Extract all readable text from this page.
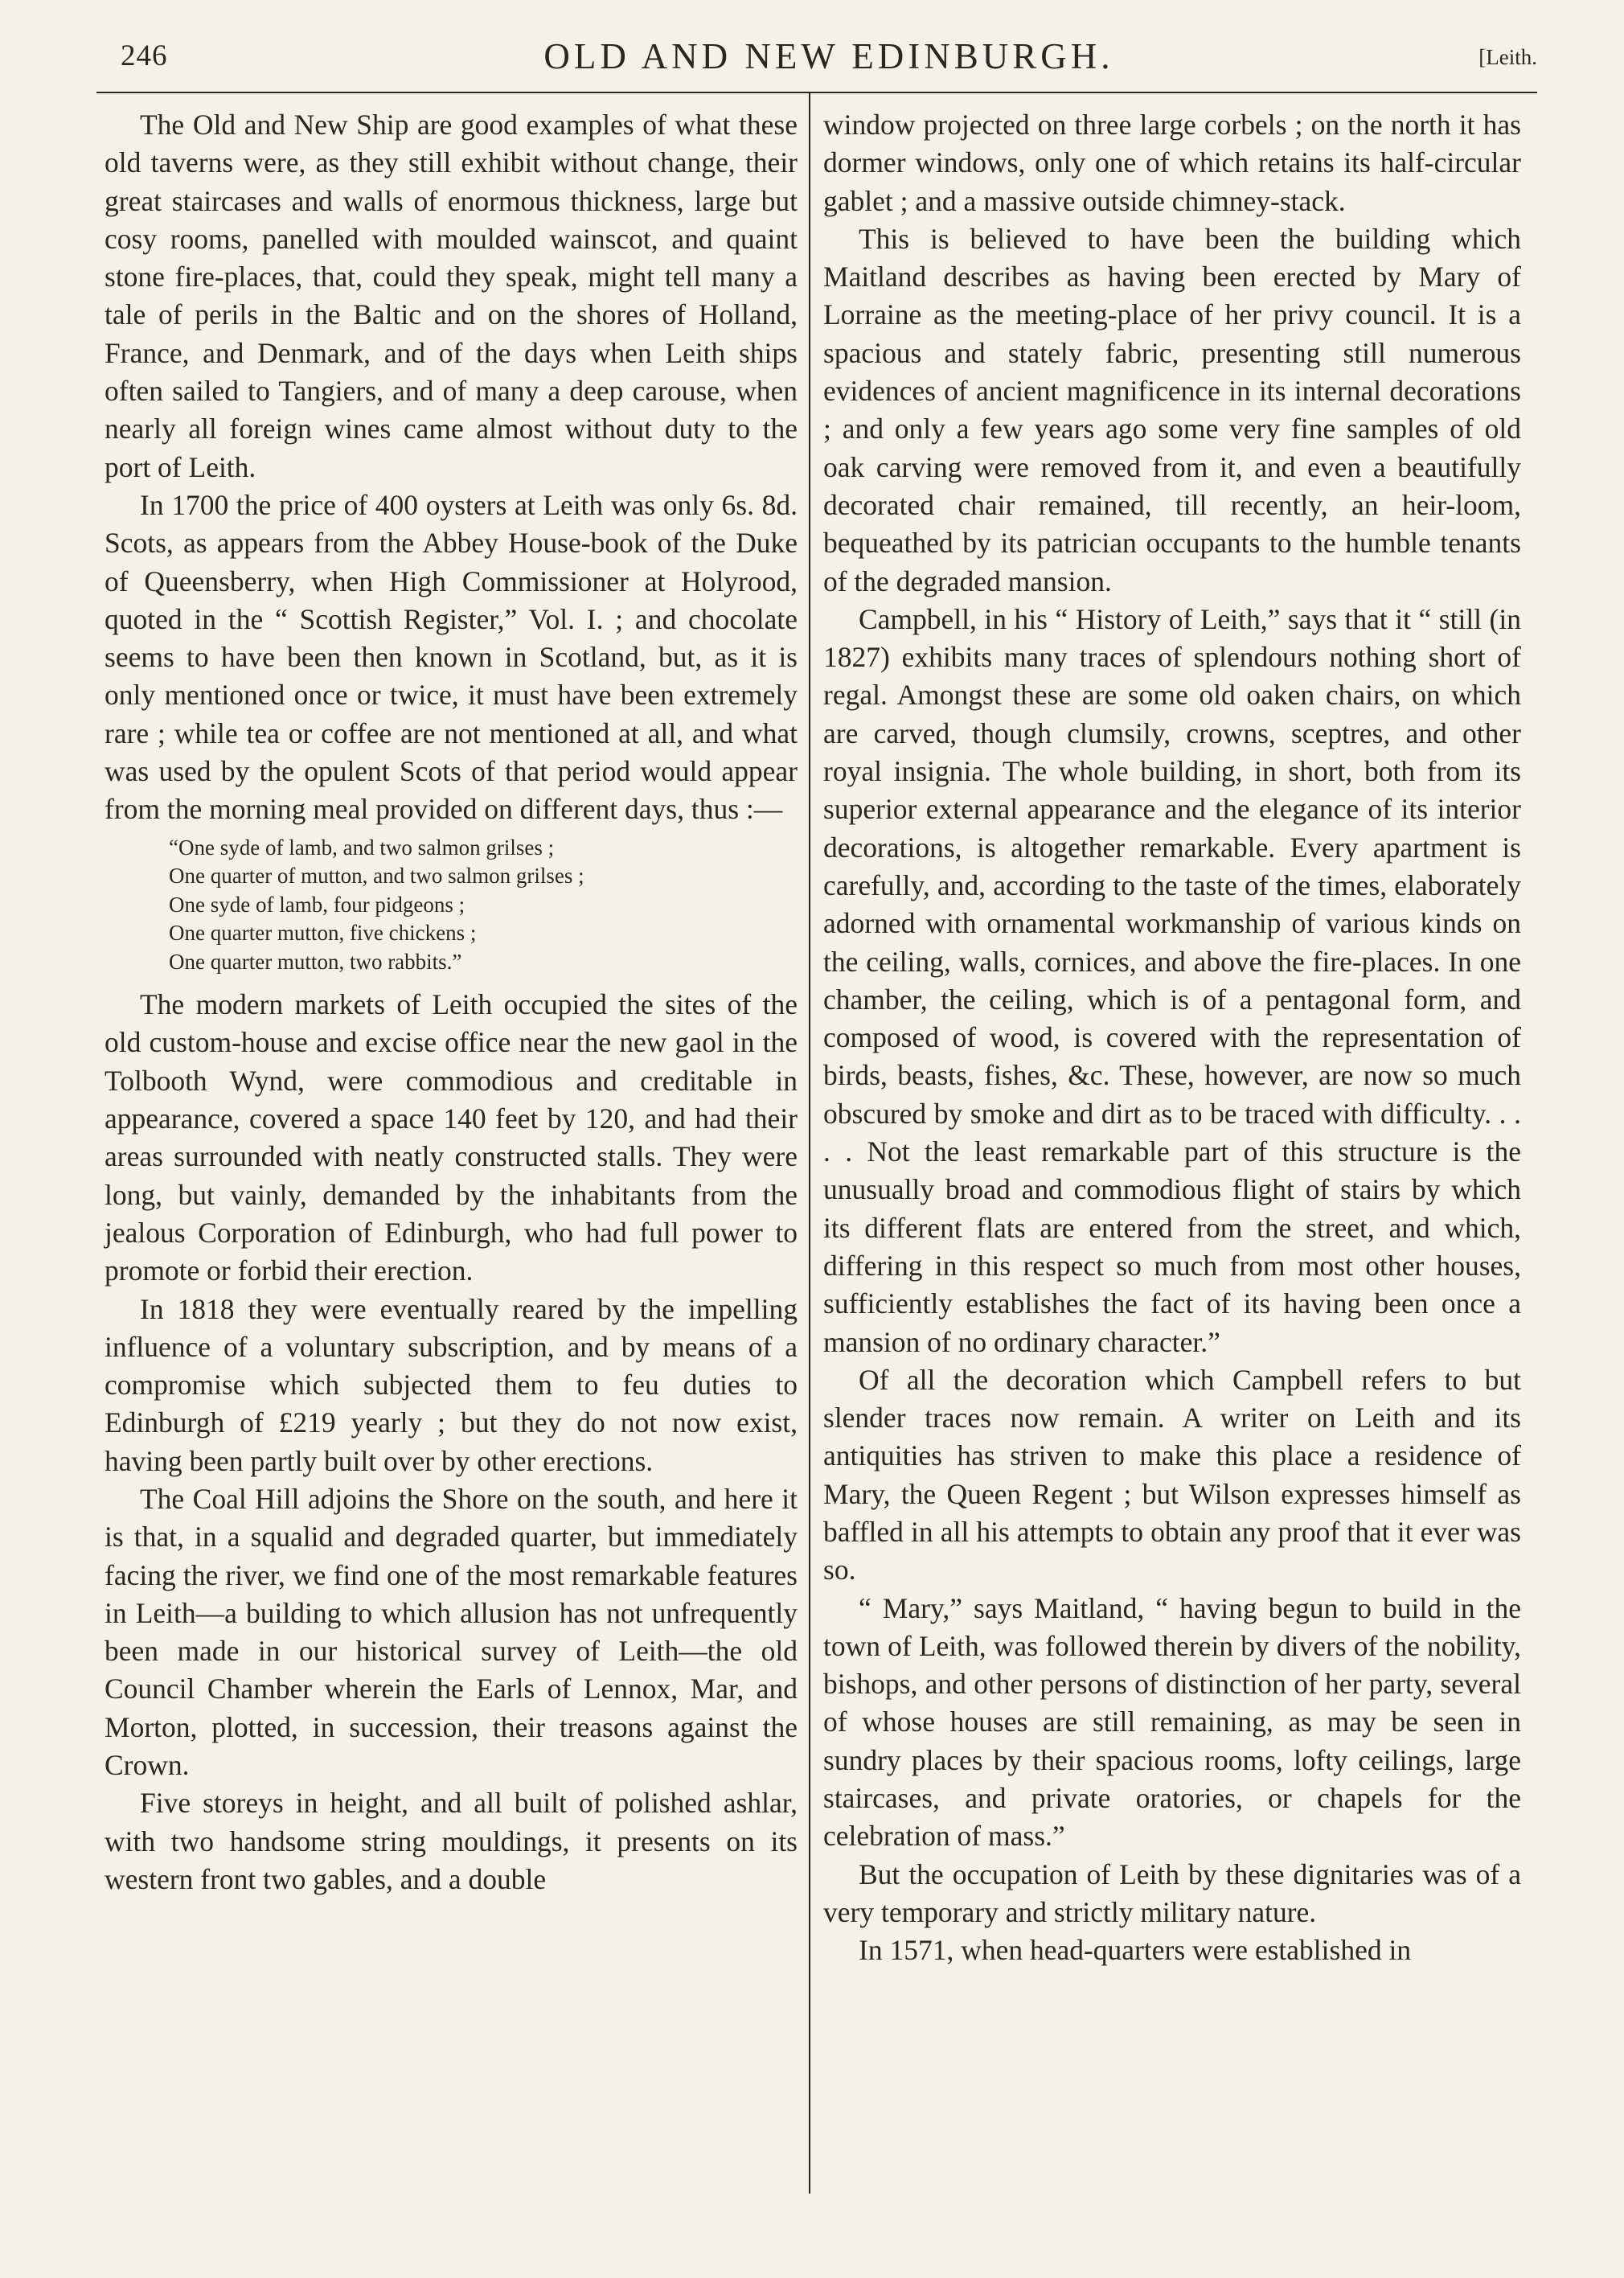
246	OLD AND NEW EDINBURGH.	[Leith.

The Old and New Ship are good examples of what these old taverns were, as they still exhibit without change, their great staircases and walls of enormous thickness, large but cosy rooms, panelled with moulded wainscot, and quaint stone fire-places, that, could they speak, might tell many a tale of perils in the Baltic and on the shores of Holland, France, and Denmark, and of the days when Leith ships often sailed to Tangiers, and of many a deep carouse, when nearly all foreign wines came almost without duty to the port of Leith.

In 1700 the price of 400 oysters at Leith was only 6s. 8d. Scots, as appears from the Abbey House-book of the Duke of Queensberry, when High Commissioner at Holyrood, quoted in the “ Scottish Register,” Vol. I. ; and chocolate seems to have been then known in Scotland, but, as it is only mentioned once or twice, it must have been extremely rare ; while tea or coffee are not mentioned at all, and what was used by the opulent Scots of that period would appear from the morning meal provided on different days, thus :—

“One syde of lamb, and two salmon grilses ;
One quarter of mutton, and two salmon grilses ;
One syde of lamb, four pidgeons ;
One quarter mutton, five chickens ;
One quarter mutton, two rabbits.”

The modern markets of Leith occupied the sites of the old custom-house and excise office near the new gaol in the Tolbooth Wynd, were commodious and creditable in appearance, covered a space 140 feet by 120, and had their areas surrounded with neatly constructed stalls. They were long, but vainly, demanded by the inhabitants from the jealous Corporation of Edinburgh, who had full power to promote or forbid their erection.

In 1818 they were eventually reared by the impelling influence of a voluntary subscription, and by means of a compromise which subjected them to feu duties to Edinburgh of £219 yearly ; but they do not now exist, having been partly built over by other erections.

The Coal Hill adjoins the Shore on the south, and here it is that, in a squalid and degraded quarter, but immediately facing the river, we find one of the most remarkable features in Leith—a building to which allusion has not unfrequently been made in our historical survey of Leith—the old Council Chamber wherein the Earls of Lennox, Mar, and Morton, plotted, in succession, their treasons against the Crown.

Five storeys in height, and all built of polished ashlar, with two handsome string mouldings, it presents on its western front two gables, and a double

window projected on three large corbels ; on the north it has dormer windows, only one of which retains its half-circular gablet ; and a massive outside chimney-stack.

This is believed to have been the building which Maitland describes as having been erected by Mary of Lorraine as the meeting-place of her privy council. It is a spacious and stately fabric, presenting still numerous evidences of ancient magnificence in its internal decorations ; and only a few years ago some very fine samples of old oak carving were removed from it, and even a beautifully decorated chair remained, till recently, an heir-loom, bequeathed by its patrician occupants to the humble tenants of the degraded mansion.

Campbell, in his “ History of Leith,” says that it “ still (in 1827) exhibits many traces of splendours nothing short of regal. Amongst these are some old oaken chairs, on which are carved, though clumsily, crowns, sceptres, and other royal insignia. The whole building, in short, both from its superior external appearance and the elegance of its interior decorations, is altogether remarkable. Every apartment is carefully, and, according to the taste of the times, elaborately adorned with ornamental workmanship of various kinds on the ceiling, walls, cornices, and above the fire-places. In one chamber, the ceiling, which is of a pentagonal form, and composed of wood, is covered with the representation of birds, beasts, fishes, &c. These, however, are now so much obscured by smoke and dirt as to be traced with difficulty. . . . . Not the least remarkable part of this structure is the unusually broad and commodious flight of stairs by which its different flats are entered from the street, and which, differing in this respect so much from most other houses, sufficiently establishes the fact of its having been once a mansion of no ordinary character.”

Of all the decoration which Campbell refers to but slender traces now remain. A writer on Leith and its antiquities has striven to make this place a residence of Mary, the Queen Regent ; but Wilson expresses himself as baffled in all his attempts to obtain any proof that it ever was so.

“ Mary,” says Maitland, “ having begun to build in the town of Leith, was followed therein by divers of the nobility, bishops, and other persons of distinction of her party, several of whose houses are still remaining, as may be seen in sundry places by their spacious rooms, lofty ceilings, large staircases, and private oratories, or chapels for the celebration of mass.”

But the occupation of Leith by these dignitaries was of a very temporary and strictly military nature.

In 1571, when head-quarters were established in
